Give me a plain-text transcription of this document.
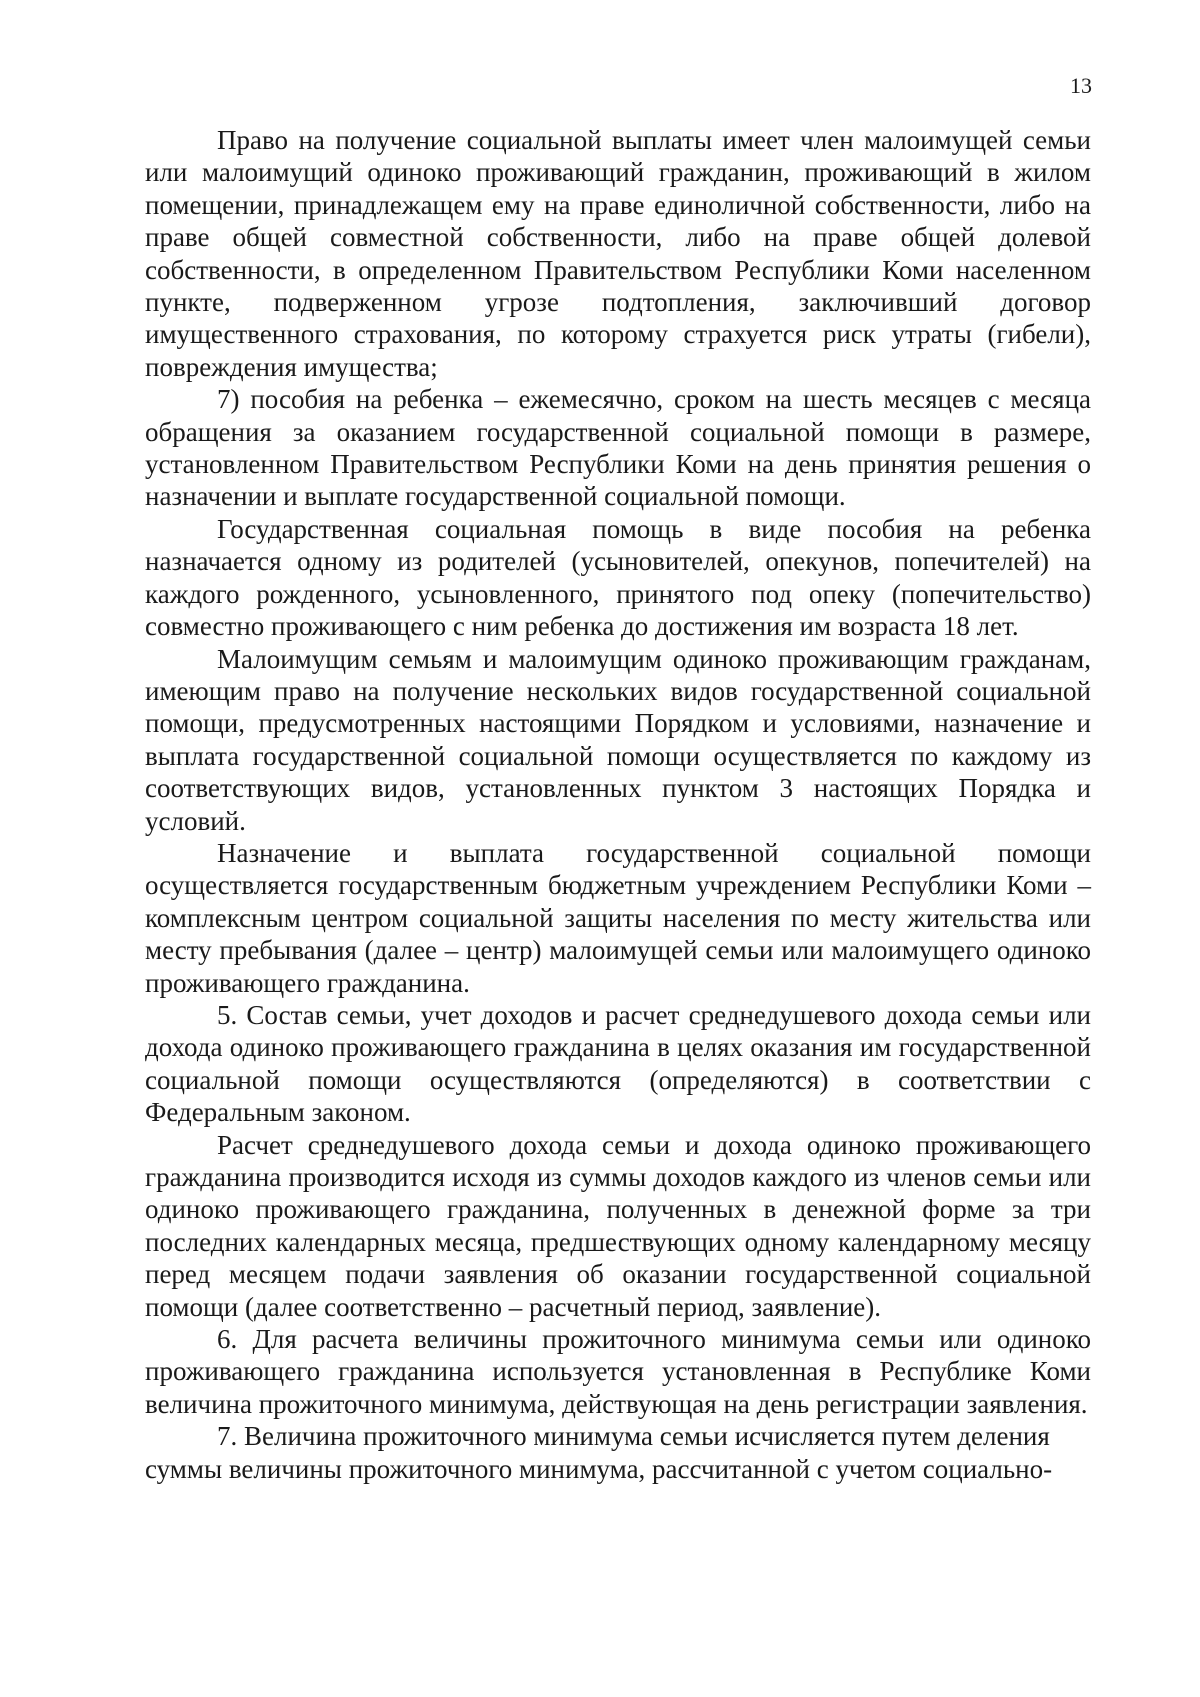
13

Право на получение социальной выплаты имеет член малоимущей семьи или малоимущий одиноко проживающий гражданин, проживающий в жилом помещении, принадлежащем ему на праве единоличной собственности, либо на праве общей совместной собственности, либо на праве общей долевой собственности, в определенном Правительством Республики Коми населенном пункте, подверженном угрозе подтопления, заключивший договор имущественного страхования, по которому страхуется риск утраты (гибели), повреждения имущества;

7) пособия на ребенка – ежемесячно, сроком на шесть месяцев с месяца обращения за оказанием государственной социальной помощи в размере, установленном Правительством Республики Коми на день принятия решения о назначении и выплате государственной социальной помощи.

Государственная социальная помощь в виде пособия на ребенка назначается одному из родителей (усыновителей, опекунов, попечителей) на каждого рожденного, усыновленного, принятого под опеку (попечительство) совместно проживающего с ним ребенка до достижения им возраста 18 лет.

Малоимущим семьям и малоимущим одиноко проживающим гражданам, имеющим право на получение нескольких видов государственной социальной помощи, предусмотренных настоящими Порядком и условиями, назначение и выплата государственной социальной помощи осуществляется по каждому из соответствующих видов, установленных пунктом 3 настоящих Порядка и условий.

Назначение и выплата государственной социальной помощи осуществляется государственным бюджетным учреждением Республики Коми – комплексным центром социальной защиты населения по месту жительства или месту пребывания (далее – центр) малоимущей семьи или малоимущего одиноко проживающего гражданина.

5. Состав семьи, учет доходов и расчет среднедушевого дохода семьи или дохода одиноко проживающего гражданина в целях оказания им государственной социальной помощи осуществляются (определяются) в соответствии с Федеральным законом.

Расчет среднедушевого дохода семьи и дохода одиноко проживающего гражданина производится исходя из суммы доходов каждого из членов семьи или одиноко проживающего гражданина, полученных в денежной форме за три последних календарных месяца, предшествующих одному календарному месяцу перед месяцем подачи заявления об оказании государственной социальной помощи (далее соответственно – расчетный период, заявление).

6. Для расчета величины прожиточного минимума семьи или одиноко проживающего гражданина используется установленная в Республике Коми величина прожиточного минимума, действующая на день регистрации заявления.

7. Величина прожиточного минимума семьи исчисляется путем деления суммы величины прожиточного минимума, рассчитанной с учетом социально-
